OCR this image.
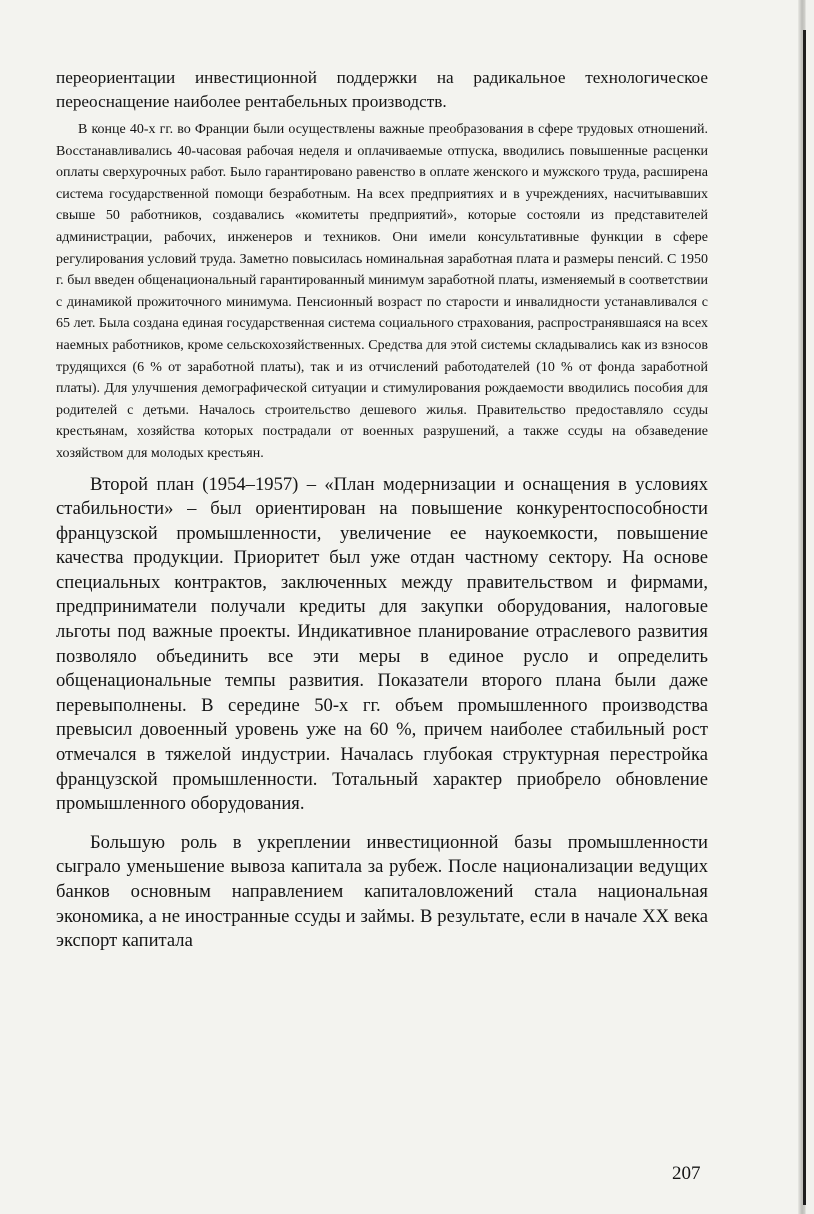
переориентации инвестиционной поддержки на радикальное технологическое переоснащение наиболее рентабельных производств.

В конце 40-х гг. во Франции были осуществлены важные преобразования в сфере трудовых отношений. Восстанавливались 40-часовая рабочая неделя и оплачиваемые отпуска, вводились повышенные расценки оплаты сверхурочных работ. Было гарантировано равенство в оплате женского и мужского труда, расширена система государственной помощи безработным. На всех предприятиях и в учреждениях, насчитывавших свыше 50 работников, создавались «комитеты предприятий», которые состояли из представителей администрации, рабочих, инженеров и техников. Они имели консультативные функции в сфере регулирования условий труда. Заметно повысилась номинальная заработная плата и размеры пенсий. С 1950 г. был введен общенациональный гарантированный минимум заработной платы, изменяемый в соответствии с динамикой прожиточного минимума. Пенсионный возраст по старости и инвалидности устанавливался с 65 лет. Была создана единая государственная система социального страхования, распространявшаяся на всех наемных работников, кроме сельскохозяйственных. Средства для этой системы складывались как из взносов трудящихся (6 % от заработной платы), так и из отчислений работодателей (10 % от фонда заработной платы). Для улучшения демографической ситуации и стимулирования рождаемости вводились пособия для родителей с детьми. Началось строительство дешевого жилья. Правительство предоставляло ссуды крестьянам, хозяйства которых пострадали от военных разрушений, а также ссуды на обзаведение хозяйством для молодых крестьян.

Второй план (1954–1957) – «План модернизации и оснащения в условиях стабильности» – был ориентирован на повышение конкурентоспособности французской промышленности, увеличение ее наукоемкости, повышение качества продукции. Приоритет был уже отдан частному сектору. На основе специальных контрактов, заключенных между правительством и фирмами, предприниматели получали кредиты для закупки оборудования, налоговые льготы под важные проекты. Индикативное планирование отраслевого развития позволяло объединить все эти меры в единое русло и определить общенациональные темпы развития. Показатели второго плана были даже перевыполнены. В середине 50-х гг. объем промышленного производства превысил довоенный уровень уже на 60 %, причем наиболее стабильный рост отмечался в тяжелой индустрии. Началась глубокая структурная перестройка французской промышленности. Тотальный характер приобрело обновление промышленного оборудования.

Большую роль в укреплении инвестиционной базы промышленности сыграло уменьшение вывоза капитала за рубеж. После национализации ведущих банков основным направлением капиталовложений стала национальная экономика, а не иностранные ссуды и займы. В результате, если в начале XX века экспорт капитала

207
